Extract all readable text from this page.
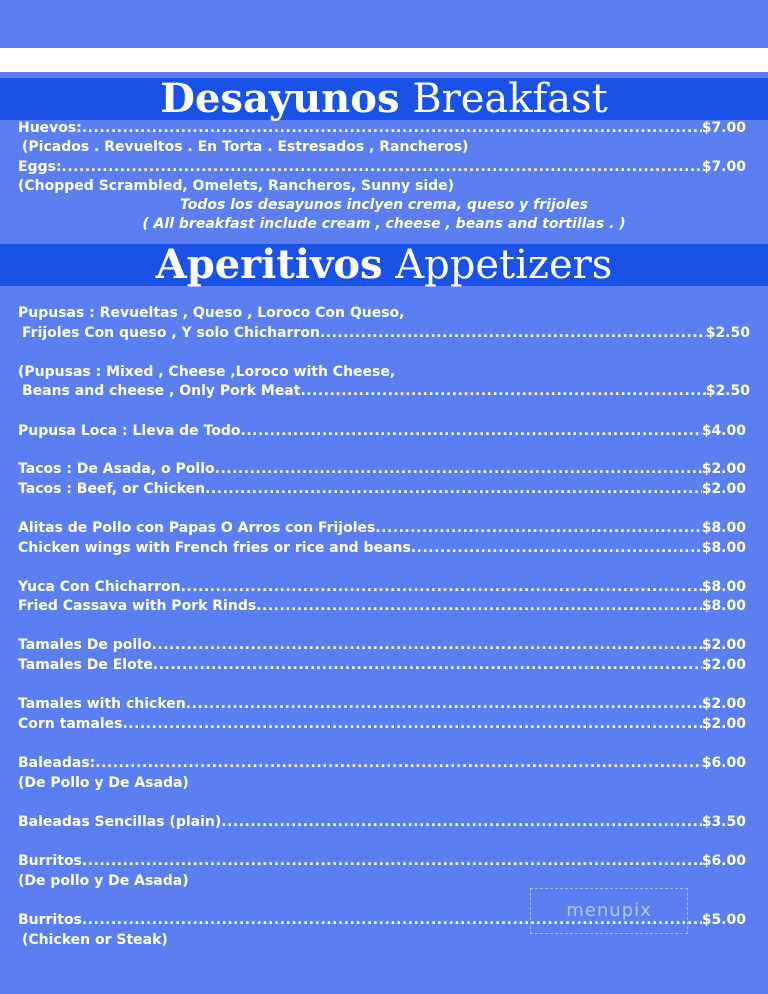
Desayunos Breakfast
Huevos: .....	$7.00
(Picados . Revueltos . En Torta . Estresados , Rancheros)
Eggs: .....	$7.00
(Chopped Scrambled, Omelets, Rancheros, Sunny side)
Todos los desayunos inclyen crema, queso y frijoles
( All breakfast include cream , cheese , beans and tortillas . )
Aperitivos Appetizers
Pupusas : Revueltas , Queso , Loroco Con Queso,
Frijoles Con queso , Y solo Chicharron .....	$2.50
(Pupusas : Mixed , Cheese ,Loroco with Cheese,
Beans and cheese , Only Pork Meat .....	$2.50
Pupusa Loca : Lleva de Todo .....	$4.00
Tacos : De Asada, o Pollo .....	$2.00
Tacos : Beef, or Chicken .....	$2.00
Alitas de Pollo con Papas O Arros con Frijoles .....	$8.00
Chicken wings with French fries or rice and beans .....	$8.00
Yuca Con Chicharron .....	$8.00
Fried Cassava with Pork Rinds .....	$8.00
Tamales De pollo .....	$2.00
Tamales De Elote .....	$2.00
Tamales with chicken .....	$2.00
Corn tamales .....	$2.00
Baleadas: .....	$6.00
(De Pollo y De Asada)
Baleadas Sencillas (plain) .....	$3.50
Burritos .....	$6.00
(De pollo y De Asada)
Burritos .....	$5.00
(Chicken or Steak)
menupix
